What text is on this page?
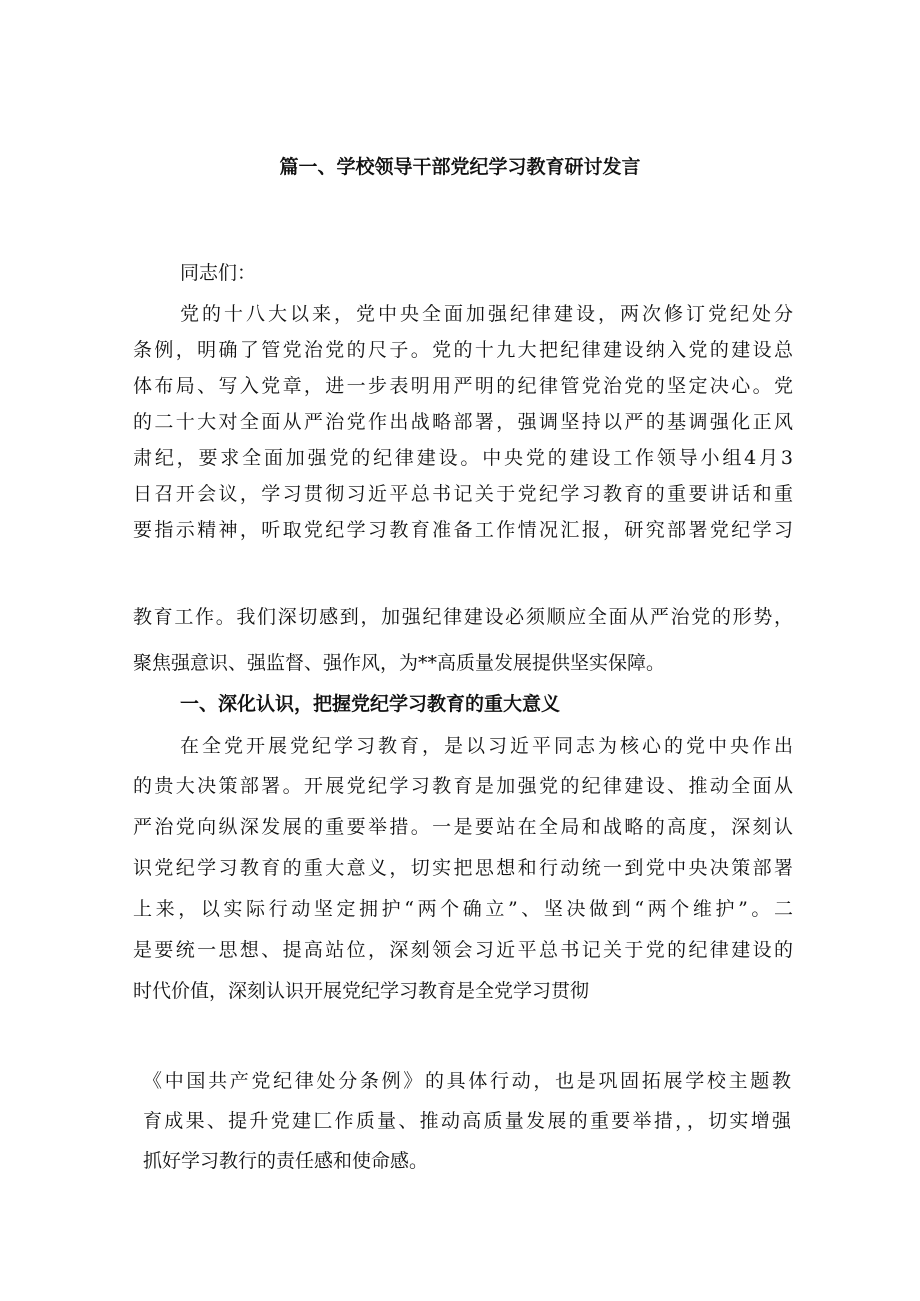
篇一、学校领导干部党纪学习教育研讨发言
同志们：
党的十八大以来，党中央全面加强纪律建设，两次修订党纪处分
条例，明确了管党治党的尺子。党的十九大把纪律建设纳入党的建设总
体布局、写入党章，进一步表明用严明的纪律管党治党的坚定决心。党
的二十大对全面从严治党作出战略部署，强调坚持以严的基调强化正风
肃纪，要求全面加强党的纪律建设。中央党的建设工作领导小组4月3
日召开会议，学习贯彻习近平总书记关于党纪学习教育的重要讲话和重
要指示精神，听取党纪学习教育准备工作情况汇报，研究部署党纪学习
教育工作。我们深切感到，加强纪律建设必须顺应全面从严治党的形势，
聚焦强意识、强监督、强作风，为**高质量发展提供坚实保障。
一、深化认识，把握党纪学习教育的重大意义
在全党开展党纪学习教育，是以习近平同志为核心的党中央作出
的贵大决策部署。开展党纪学习教育是加强党的纪律建设、推动全面从
严治党向纵深发展的重要举措。一是要站在全局和战略的高度，深刻认
识党纪学习教育的重大意义，切实把思想和行动统一到党中央决策部署
上来，以实际行动坚定拥护“两个确立”、坚决做到“两个维护”。二
是要统一思想、提高站位，深刻领会习近平总书记关于党的纪律建设的
时代价值，深刻认识开展党纪学习教育是全党学习贯彻
《中国共产党纪律处分条例》的具体行动，也是巩固拓展学校主题教
育成果、提升党建匚作质量、推动高质量发展的重要举措，，切实增强
抓好学习教行的责任感和使命感。
